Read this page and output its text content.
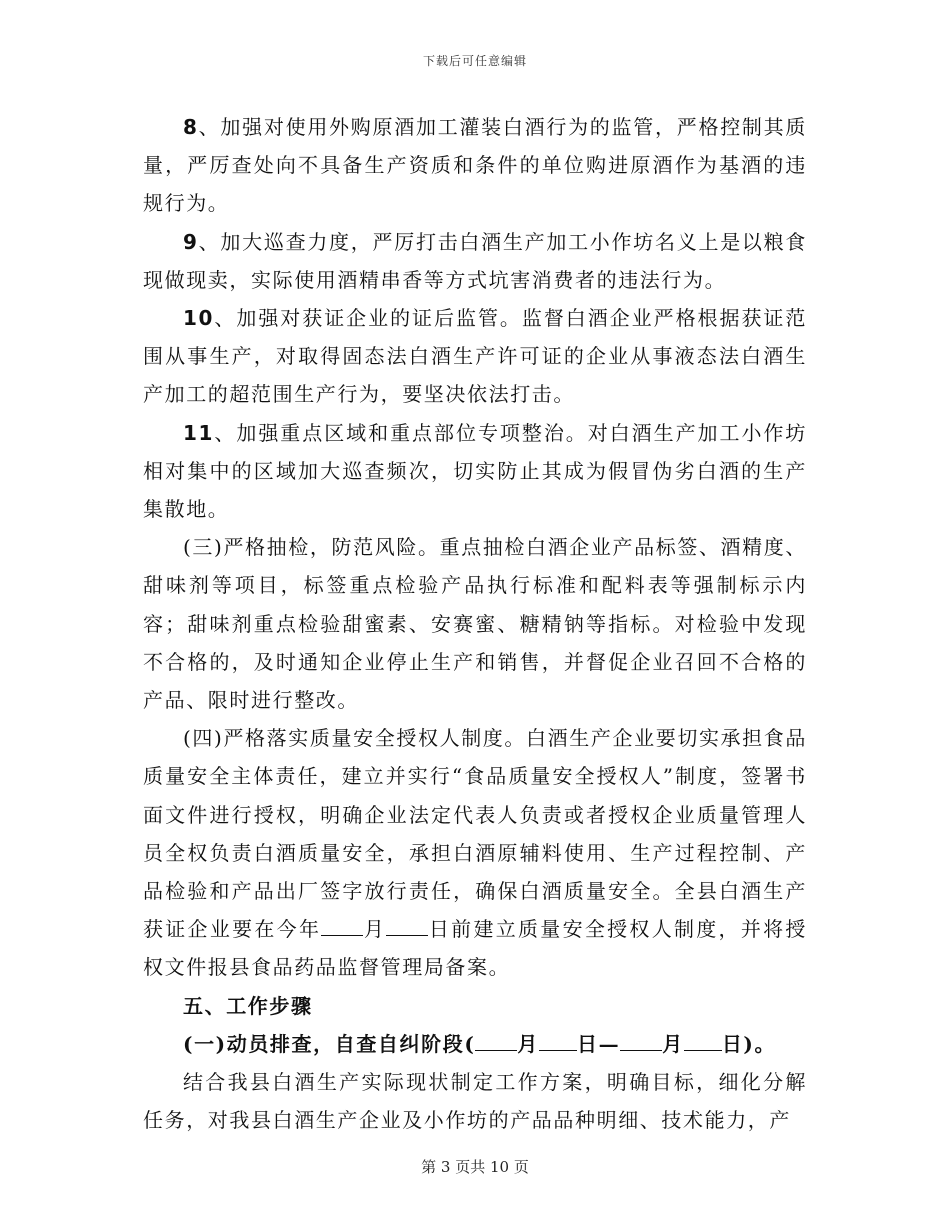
下载后可任意编辑

8、加强对使用外购原酒加工灌装白酒行为的监管，严格控制其质量，严厉查处向不具备生产资质和条件的单位购进原酒作为基酒的违规行为。

9、加大巡查力度，严厉打击白酒生产加工小作坊名义上是以粮食现做现卖，实际使用酒精串香等方式坑害消费者的违法行为。

10、加强对获证企业的证后监管。监督白酒企业严格根据获证范围从事生产，对取得固态法白酒生产许可证的企业从事液态法白酒生产加工的超范围生产行为，要坚决依法打击。

11、加强重点区域和重点部位专项整治。对白酒生产加工小作坊相对集中的区域加大巡查频次，切实防止其成为假冒伪劣白酒的生产集散地。

(三)严格抽检，防范风险。重点抽检白酒企业产品标签、酒精度、甜味剂等项目，标签重点检验产品执行标准和配料表等强制标示内容；甜味剂重点检验甜蜜素、安赛蜜、糖精钠等指标。对检验中发现不合格的，及时通知企业停止生产和销售，并督促企业召回不合格的产品、限时进行整改。

(四)严格落实质量安全授权人制度。白酒生产企业要切实承担食品质量安全主体责任，建立并实行“食品质量安全授权人”制度，签署书面文件进行授权，明确企业法定代表人负责或者授权企业质量管理人员全权负责白酒质量安全，承担白酒原辅料使用、生产过程控制、产品检验和产品出厂签字放行责任，确保白酒质量安全。全县白酒生产获证企业要在今年 月 日前建立质量安全授权人制度，并将授权文件报县食品药品监督管理局备案。

五、工作步骤

(一)动员排查，自查自纠阶段( 月 日— 月 日)。

结合我县白酒生产实际现状制定工作方案，明确目标，细化分解任务，对我县白酒生产企业及小作坊的产品品种明细、技术能力，产

第 3 页共 10 页
